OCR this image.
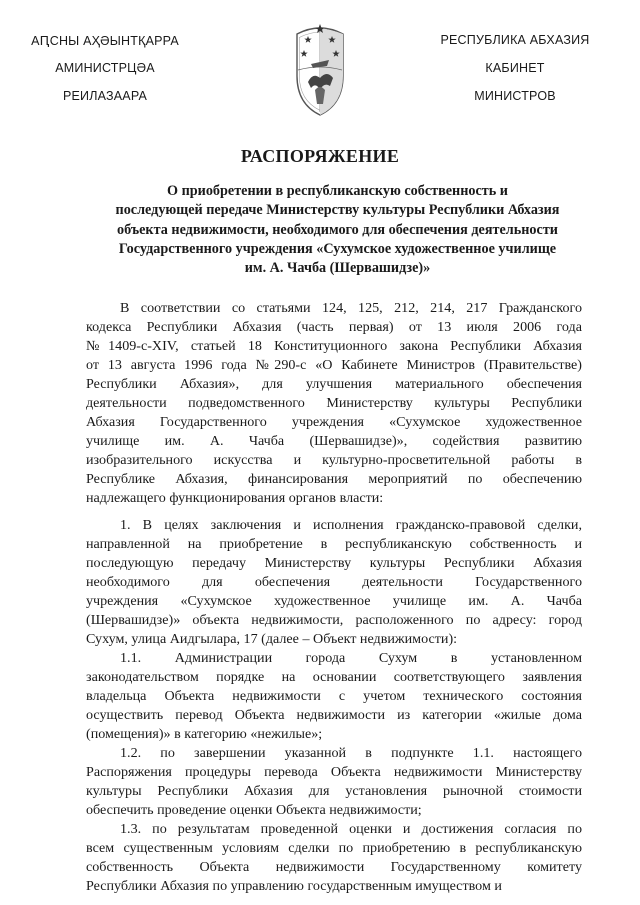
АԤСНЫ АҲӘЫНТҚАРРА
АМИНИСТРЦӘА
РЕИЛАЗААРА
РЕСПУБЛИКА АБХАЗИЯ
КАБИНЕТ
МИНИСТРОВ
РАСПОРЯЖЕНИЕ
О приобретении в республиканскую собственность и
последующей передаче Министерству культуры Республики Абхазия
объекта недвижимости, необходимого для обеспечения деятельности
Государственного учреждения «Сухумское художественное училище
им. А. Чачба (Шервашидзе)»
В соответствии со статьями 124, 125, 212, 214, 217 Гражданского
кодекса Республики Абхазия (часть первая) от 13 июля 2006 года
№1409-с-XIV, статьей 18 Конституционного закона Республики Абхазия
от 13 августа 1996 года №290-с «О Кабинете Министров (Правительстве)
Республики Абхазия», для улучшения материального обеспечения
деятельности подведомственного Министерству культуры Республики
Абхазия Государственного учреждения «Сухумское художественное
училище им. А. Чачба (Шервашидзе)», содействия развитию
изобразительного искусства и культурно-просветительной работы в
Республике Абхазия, финансирования мероприятий по обеспечению
надлежащего функционирования органов власти:
1. В целях заключения и исполнения гражданско-правовой сделки,
направленной на приобретение в республиканскую собственность и
последующую передачу Министерству культуры Республики Абхазия
необходимого для обеспечения деятельности Государственного
учреждения «Сухумское художественное училище им. А. Чачба
(Шервашидзе)» объекта недвижимости, расположенного по адресу: город
Сухум, улица Аидгылара, 17 (далее – Объект недвижимости):
1.1. Администрации города Сухум в установленном
законодательством порядке на основании соответствующего заявления
владельца Объекта недвижимости с учетом технического состояния
осуществить перевод Объекта недвижимости из категории «жилые дома
(помещения)» в категорию «нежилые»;
1.2. по завершении указанной в подпункте 1.1. настоящего
Распоряжения процедуры перевода Объекта недвижимости Министерству
культуры Республики Абхазия для установления рыночной стоимости
обеспечить проведение оценки Объекта недвижимости;
1.3. по результатам проведенной оценки и достижения согласия по
всем существенным условиям сделки по приобретению в республиканскую
собственность Объекта недвижимости Государственному комитету
Республики Абхазия по управлению государственным имуществом и
